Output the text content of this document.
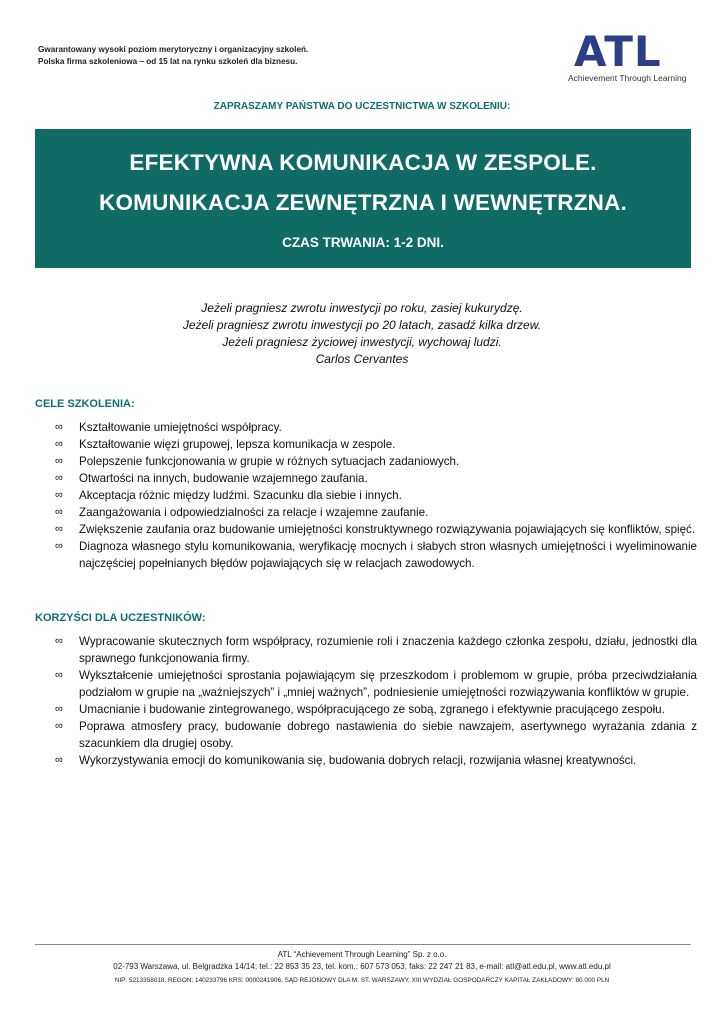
Gwarantowany wysoki poziom merytoryczny i organizacyjny szkoleń.
Polska firma szkoleniowa – od 15 lat na rynku szkoleń dla biznesu.	ATL
Achievement Through Learning
ZAPRASZAMY PAŃSTWA DO UCZESTNICTWA W SZKOLENIU:
EFEKTYWNA KOMUNIKACJA W ZESPOLE.
KOMUNIKACJA ZEWNĘTRZNA I WEWNĘTRZNA.
CZAS TRWANIA: 1-2 DNI.
Jeżeli pragniesz zwrotu inwestycji po roku, zasiej kukurydzę.
Jeżeli pragniesz zwrotu inwestycji po 20 latach, zasadź kilka drzew.
Jeżeli pragniesz życiowej inwestycji, wychowaj ludzi.
Carlos Cervantes
CELE SZKOLENIA:
∞ Kształtowanie umiejętności współpracy.
∞ Kształtowanie więzi grupowej, lepsza komunikacja w zespole.
∞ Polepszenie funkcjonowania w grupie w różnych sytuacjach zadaniowych.
∞ Otwartości na innych, budowanie wzajemnego zaufania.
∞ Akceptacja różnic między ludźmi. Szacunku dla siebie i innych.
∞ Zaangażowania i odpowiedzialności za relacje i wzajemne zaufanie.
∞ Zwiększenie zaufania oraz budowanie umiejętności konstruktywnego rozwiązywania pojawiających się konfliktów, spięć.
∞ Diagnoza własnego stylu komunikowania, weryfikację mocnych i słabych stron własnych umiejętności i wyeliminowanie najczęściej popełnianych błędów pojawiających się w relacjach zawodowych.
KORZYŚCI DLA UCZESTNIKÓW:
∞ Wypracowanie skutecznych form współpracy, rozumienie roli i znaczenia każdego członka zespołu, działu, jednostki dla sprawnego funkcjonowania firmy.
∞ Wykształcenie umiejętności sprostania pojawiającym się przeszkodom i problemom w grupie, próba przeciwdziałania podziałom w grupie na „ważniejszych” i „mniej ważnych”, podniesienie umiejętności rozwiązywania konfliktów w grupie.
∞ Umacnianie i budowanie zintegrowanego, współpracującego ze sobą, zgranego i efektywnie pracującego zespołu.
∞ Poprawa atmosfery pracy, budowanie dobrego nastawienia do siebie nawzajem, asertywnego wyrażania zdania z szacunkiem dla drugiej osoby.
∞ Wykorzystywania emocji do komunikowania się, budowania dobrych relacji, rozwijania własnej kreatywności.
ATL “Achievement Through Learning” Sp. z o.o.
02-793 Warszawa, ul. Belgradzka 14/14; tel.: 22 853 35 23, tel. kom.: 607 573 053, faks: 22 247 21 83, e-mail: atl@atl.edu.pl, www.atl.edu.pl
NIP: 5213358018, REGON: 140233796 KRS: 0000241906, SĄD REJONOWY DLA M. ST. WARSZAWY, XIII WYDZIAŁ GOSPODARCZY KAPITAŁ ZAKŁADOWY: 80.000 PLN
